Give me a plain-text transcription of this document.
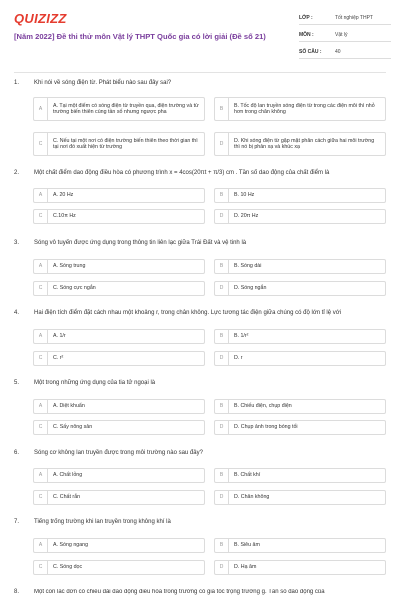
QUIZIZZ
[Năm 2022] Đề thi thử môn Vật lý THPT Quốc gia có lời giải (Đề số 21)
LỚP :	Tốt nghiệp THPT
MÔN :	Vật lý
SỐ CÂU :	40
1. Khi nói về sóng điện từ. Phát biểu nào sau đây sai?
A
A. Tại một điểm có sóng điện từ truyền qua, điện trường và từ trường biến thiên cùng tần số nhưng ngược pha
B
B. Tốc độ lan truyền sóng điện từ trong các điện môi thì nhỏ hơn trong chân không
C
C. Nếu tại một nơi có điện trường biến thiên theo thời gian thì tại nơi đó xuất hiện từ trường
D
D. Khi sóng điện từ gặp mặt phân cách giữa hai môi trường thì nó bị phản xạ và khúc xạ
2. Một chất điểm dao động điều hòa có phương trình x = 4cos(20πt + π/3) cm . Tần số dao động của chất điểm là
A	A. 20 Hz	B	B. 10 Hz
C	C.10π Hz	D	D. 20π Hz
3. Sóng vô tuyến được ứng dụng trong thông tin liên lạc giữa Trái Đất và vệ tinh là
A	A. Sóng trung	B	B. Sóng dài
C	C. Sóng cực ngắn	D	D. Sóng ngắn
4. Hai điện tích điểm đặt cách nhau một khoảng r, trong chân không. Lực tương tác điện giữa chúng có độ lớn tỉ lệ với
A	A. 1/r	B	B. 1/r²
C	C. r²	D	D. r
5. Một trong những ứng dụng của tia tử ngoại là
A	A. Diệt khuẩn	B	B. Chiếu điện, chụp điện
C	C. Sấy nông sản	D	D. Chụp ảnh trong bóng tối
6. Sóng cơ không lan truyền được trong môi trường nào sau đây?
A	A. Chất lỏng	B	B. Chất khí
C	C. Chất rắn	D	D. Chân không
7. Tiếng trống trường khi lan truyền trong không khí là
A	A. Sóng ngang	B	B. Siêu âm
C	C. Sóng dọc	D	D. Hạ âm
8. Một con lắc đơn có chiều dài dao động điều hòa trong trường có gia tốc trọng trường g. Tần số dao động của
